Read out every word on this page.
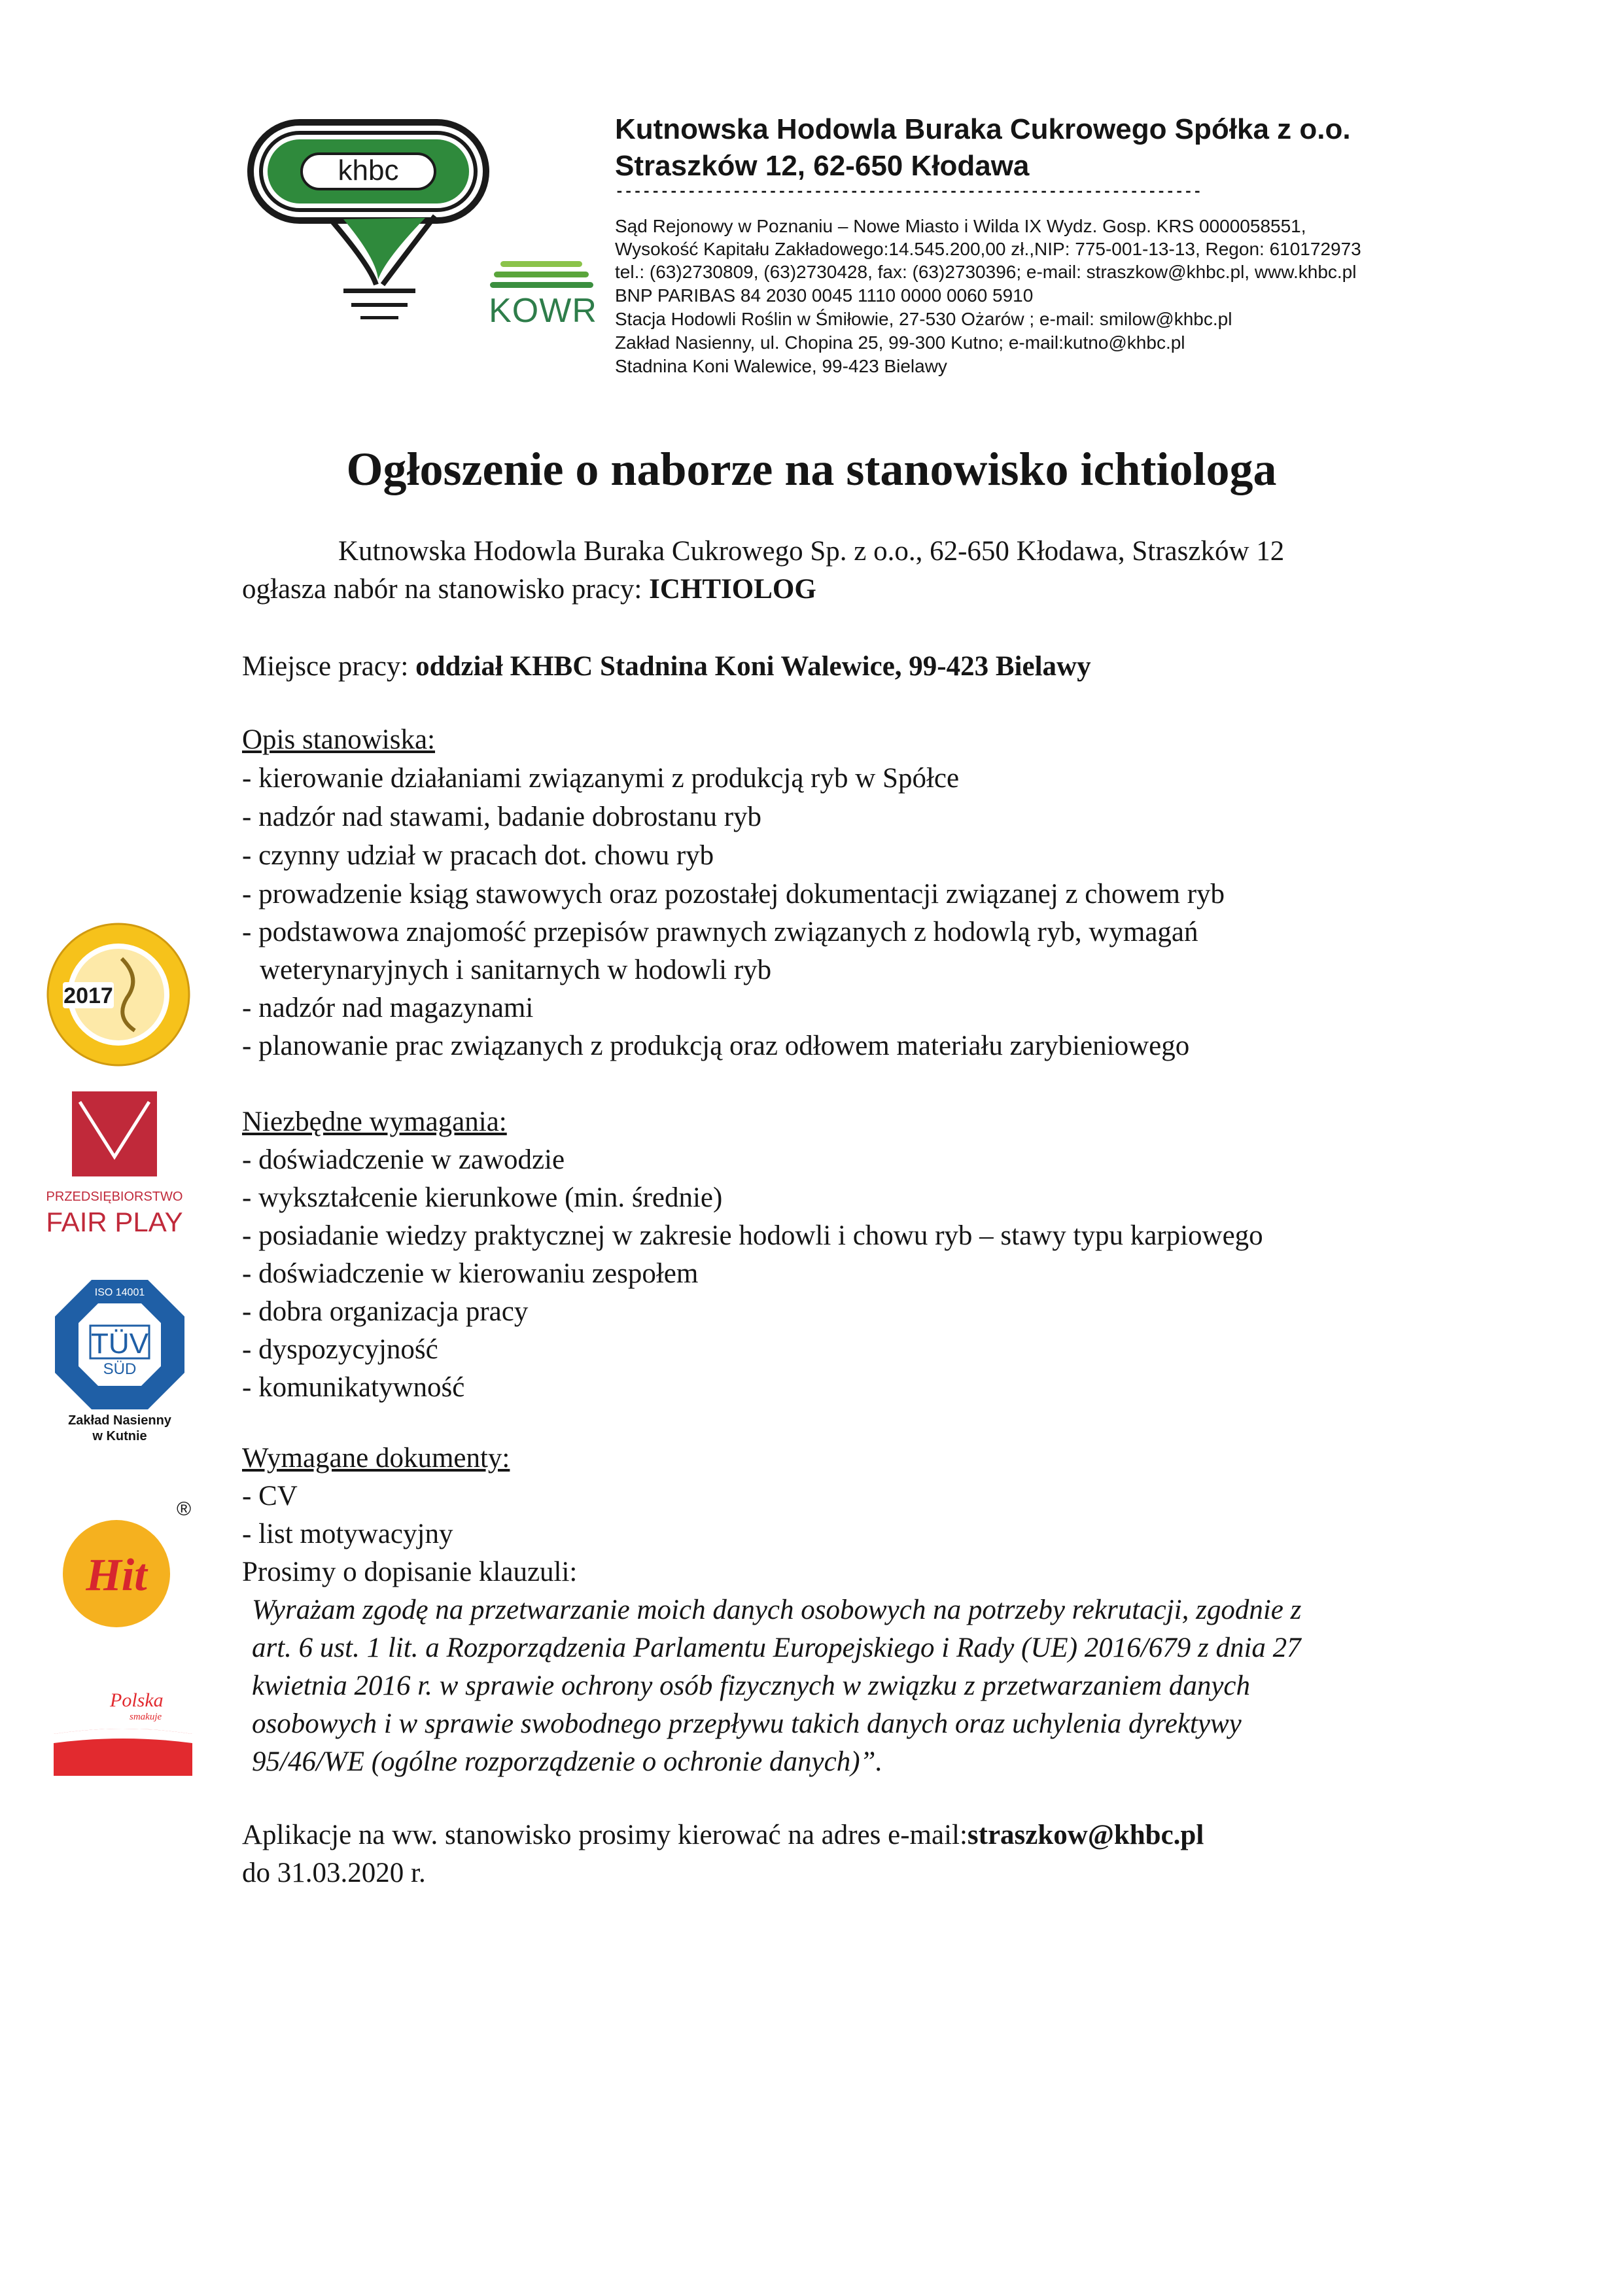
khbc
KOWR
Kutnowska Hodowla Buraka Cukrowego Spółka z o.o.
Straszków 12, 62-650 Kłodawa
-----------------------------------------------------------------
Sąd Rejonowy w Poznaniu – Nowe Miasto i Wilda IX Wydz. Gosp. KRS 0000058551,
Wysokość Kapitału Zakładowego:14.545.200,00 zł.,NIP: 775-001-13-13, Regon: 610172973
tel.: (63)2730809, (63)2730428, fax: (63)2730396; e-mail: straszkow@khbc.pl, www.khbc.pl
BNP PARIBAS 84 2030 0045 1110 0000 0060 5910
Stacja Hodowli Roślin w Śmiłowie, 27-530 Ożarów ; e-mail: smilow@khbc.pl
Zakład Nasienny, ul. Chopina 25, 99-300 Kutno; e-mail:kutno@khbc.pl
Stadnina Koni Walewice, 99-423 Bielawy
Ogłoszenie o naborze na stanowisko ichtiologa
Kutnowska Hodowla Buraka Cukrowego Sp. z o.o., 62-650 Kłodawa, Straszków 12
ogłasza nabór na stanowisko pracy: ICHTIOLOG
Miejsce pracy: oddział KHBC Stadnina Koni Walewice, 99-423 Bielawy
Opis stanowiska:
- kierowanie działaniami związanymi z produkcją ryb w Spółce
- nadzór nad stawami, badanie dobrostanu ryb
- czynny udział w pracach dot. chowu ryb
- prowadzenie ksiąg stawowych oraz pozostałej dokumentacji związanej z chowem ryb
- podstawowa znajomość przepisów prawnych związanych z hodowlą ryb, wymagań
weterynaryjnych i sanitarnych w hodowli ryb
- nadzór nad magazynami
- planowanie prac związanych z produkcją oraz odłowem materiału zarybieniowego
Niezbędne wymagania:
- doświadczenie w zawodzie
- wykształcenie kierunkowe (min. średnie)
- posiadanie wiedzy praktycznej w zakresie hodowli i chowu ryb – stawy typu karpiowego
- doświadczenie w kierowaniu zespołem
- dobra organizacja pracy
- dyspozycyjność
- komunikatywność
Wymagane dokumenty:
- CV
- list motywacyjny
Prosimy o dopisanie klauzuli:
Wyrażam zgodę na przetwarzanie moich danych osobowych na potrzeby rekrutacji, zgodnie z
art. 6 ust. 1 lit. a Rozporządzenia Parlamentu Europejskiego i Rady (UE) 2016/679 z dnia 27
kwietnia 2016 r. w sprawie ochrony osób fizycznych w związku z przetwarzaniem danych
osobowych i w sprawie swobodnego przepływu takich danych oraz uchylenia dyrektywy
95/46/WE (ogólne rozporządzenie o ochronie danych)”.
Aplikacje na ww. stanowisko prosimy kierować na adres e-mail:straszkow@khbc.pl
do 31.03.2020 r.
2017
PRZEDSIĘBIORSTWO
FAIR PLAY
ISO 14001
TÜV
SÜD
Zakład Nasienny
w Kutnie
Hit
®
Polska
smakuje
